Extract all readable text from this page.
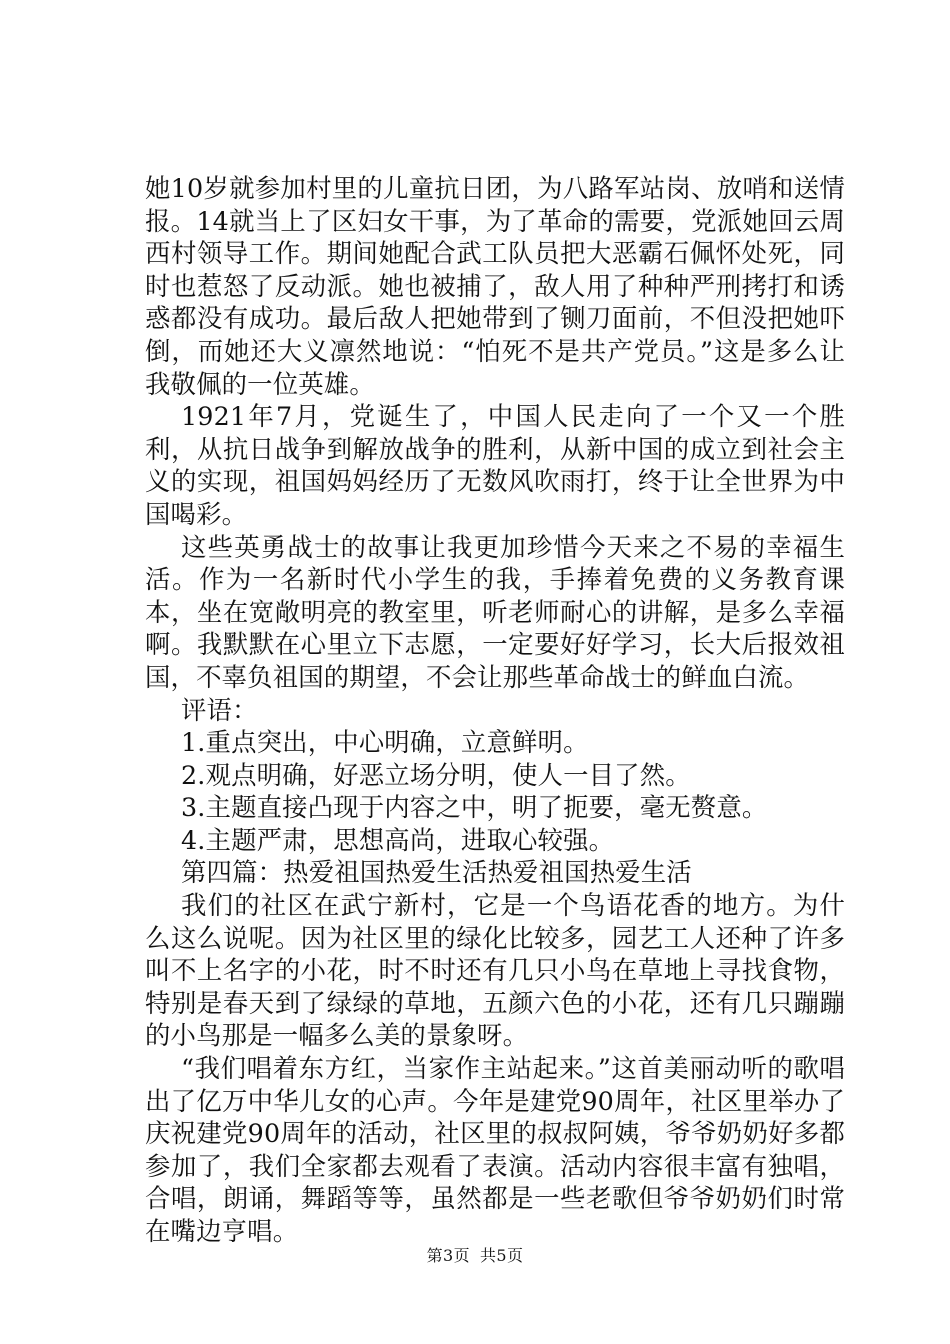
她10岁就参加村里的儿童抗日团，为八路军站岗、放哨和送情报。14就当上了区妇女干事，为了革命的需要，党派她回云周西村领导工作。期间她配合武工队员把大恶霸石佩怀处死，同时也惹怒了反动派。她也被捕了，敌人用了种种严刑拷打和诱惑都没有成功。最后敌人把她带到了铡刀面前，不但没把她吓倒，而她还大义凛然地说：“怕死不是共产党员。”这是多么让我敬佩的一位英雄。

1921年7月，党诞生了，中国人民走向了一个又一个胜利，从抗日战争到解放战争的胜利，从新中国的成立到社会主义的实现，祖国妈妈经历了无数风吹雨打，终于让全世界为中国喝彩。

这些英勇战士的故事让我更加珍惜今天来之不易的幸福生活。作为一名新时代小学生的我，手捧着免费的义务教育课本，坐在宽敞明亮的教室里，听老师耐心的讲解，是多么幸福啊。我默默在心里立下志愿，一定要好好学习，长大后报效祖国，不辜负祖国的期望，不会让那些革命战士的鲜血白流。

评语：

1.重点突出，中心明确，立意鲜明。

2.观点明确，好恶立场分明，使人一目了然。

3.主题直接凸现于内容之中，明了扼要，毫无赘意。

4.主题严肃，思想高尚，进取心较强。

第四篇：热爱祖国热爱生活热爱祖国热爱生活

我们的社区在武宁新村，它是一个鸟语花香的地方。为什么这么说呢。因为社区里的绿化比较多，园艺工人还种了许多叫不上名字的小花，时不时还有几只小鸟在草地上寻找食物，特别是春天到了绿绿的草地，五颜六色的小花，还有几只蹦蹦的小鸟那是一幅多么美的景象呀。

“我们唱着东方红，当家作主站起来。”这首美丽动听的歌唱出了亿万中华儿女的心声。今年是建党90周年，社区里举办了庆祝建党90周年的活动，社区里的叔叔阿姨，爷爷奶奶好多都参加了，我们全家都去观看了表演。活动内容很丰富有独唱，合唱，朗诵，舞蹈等等，虽然都是一些老歌但爷爷奶奶们时常在嘴边亨唱。

第3页 共5页
